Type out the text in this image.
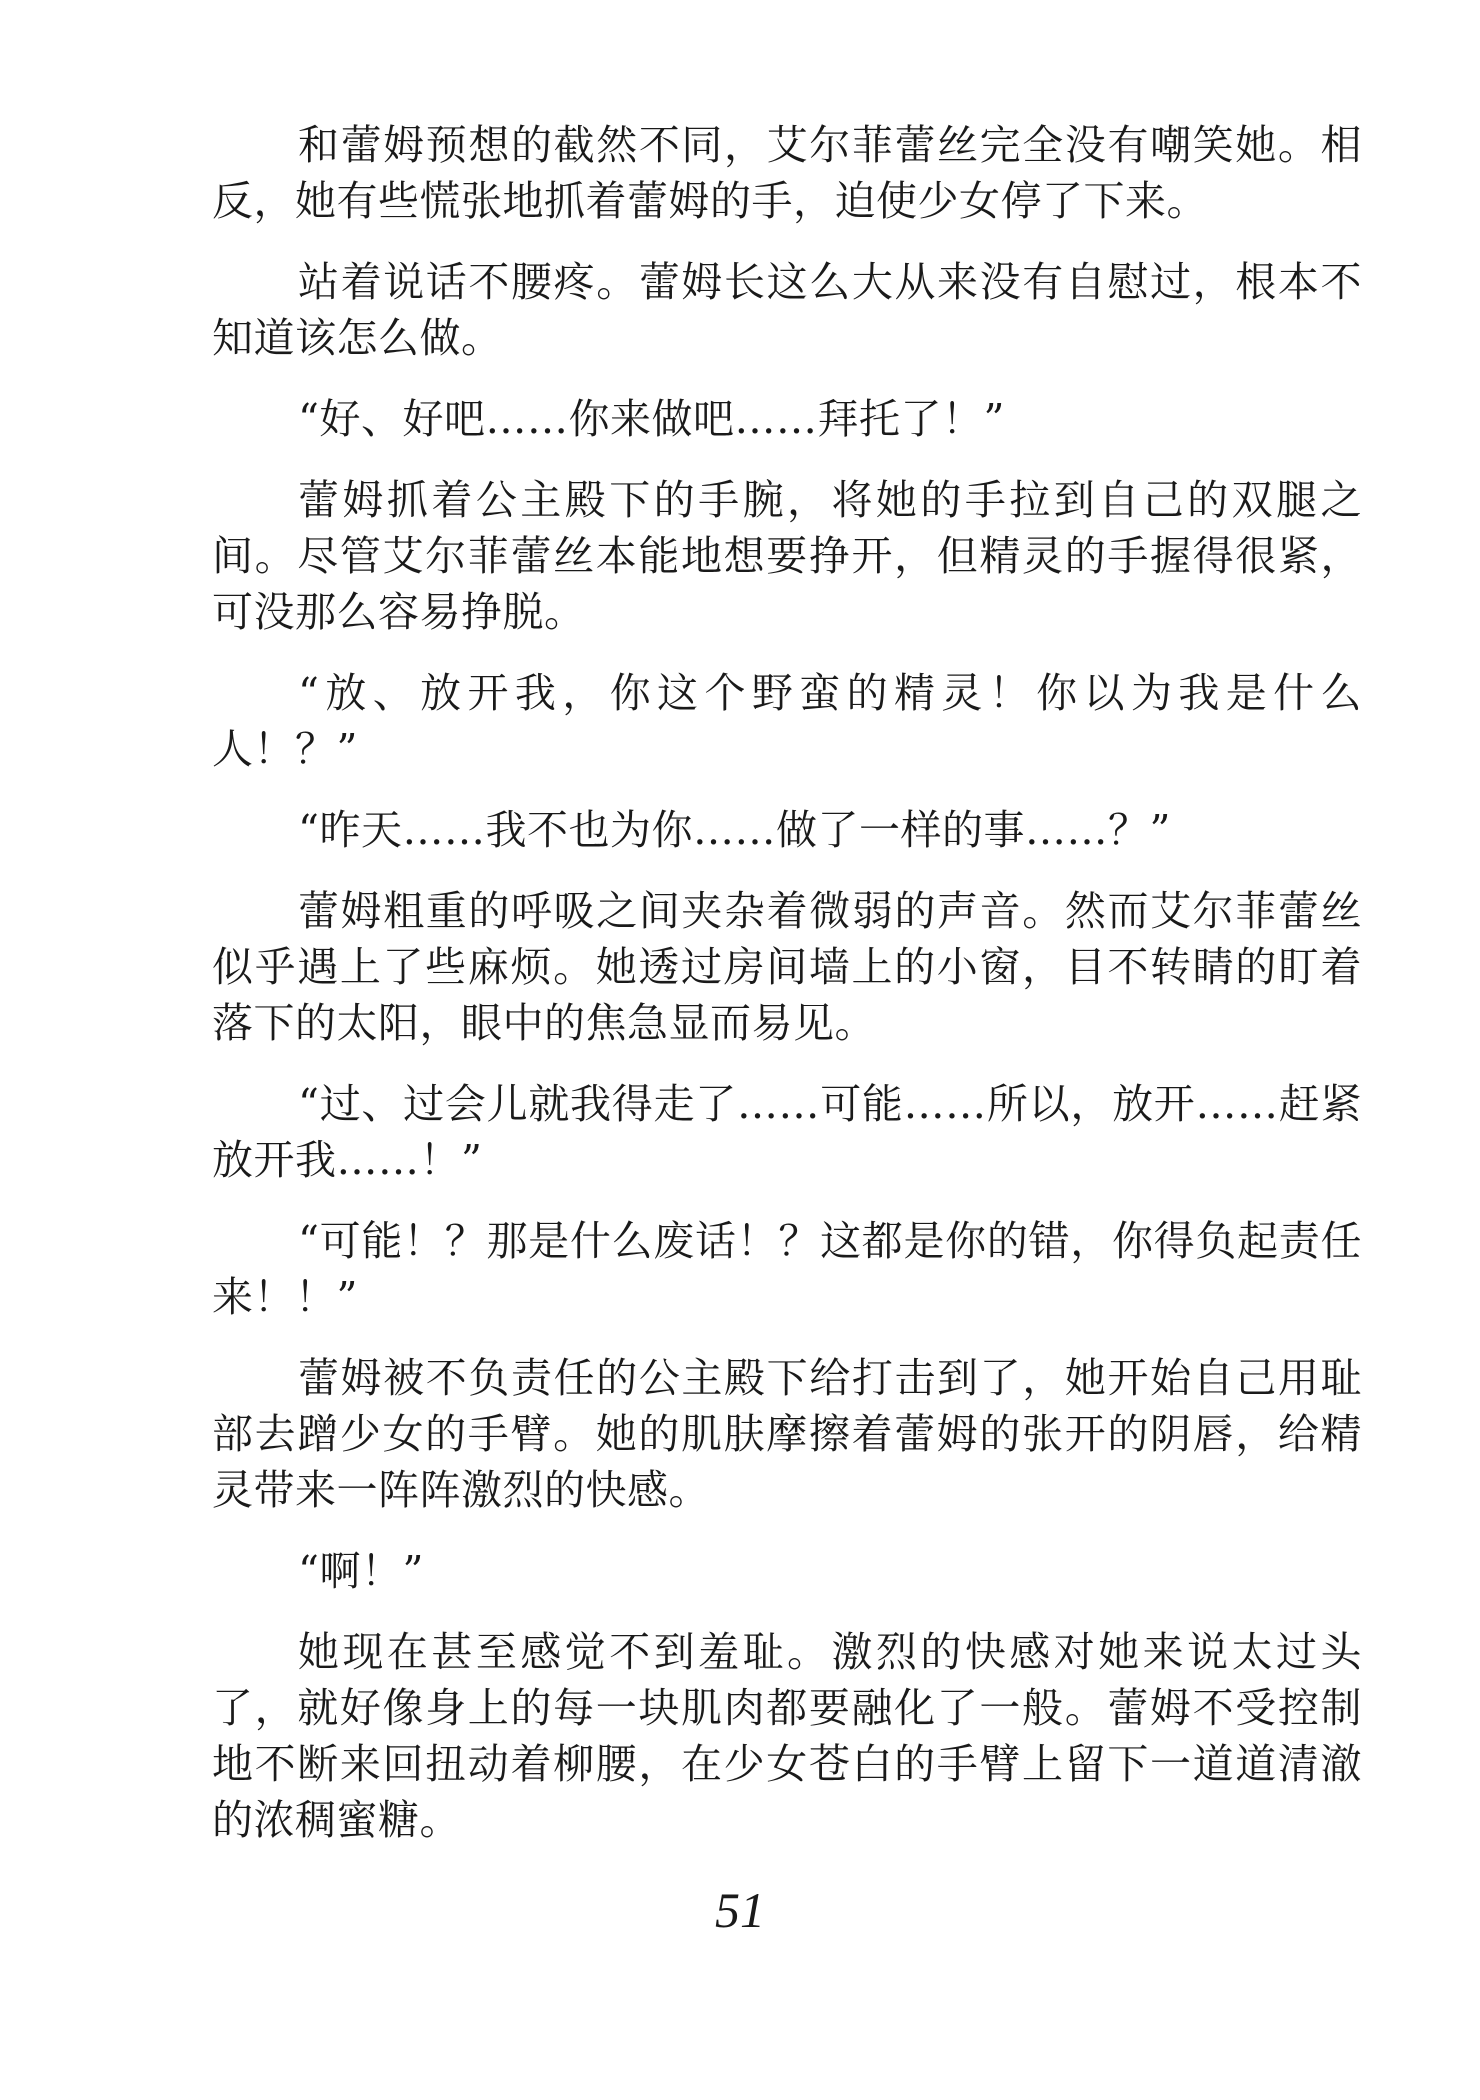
和蕾姆预想的截然不同，艾尔菲蕾丝完全没有嘲笑她。相反，她有些慌张地抓着蕾姆的手，迫使少女停了下来。

站着说话不腰疼。蕾姆长这么大从来没有自慰过，根本不知道该怎么做。

“好、好吧……你来做吧……拜托了！”

蕾姆抓着公主殿下的手腕，将她的手拉到自己的双腿之间。尽管艾尔菲蕾丝本能地想要挣开，但精灵的手握得很紧，可没那么容易挣脱。

“放、放开我，你这个野蛮的精灵！你以为我是什么人！？”

“昨天……我不也为你……做了一样的事……？”

蕾姆粗重的呼吸之间夹杂着微弱的声音。然而艾尔菲蕾丝似乎遇上了些麻烦。她透过房间墙上的小窗，目不转睛的盯着落下的太阳，眼中的焦急显而易见。

“过、过会儿就我得走了……可能……所以，放开……赶紧放开我……！”

“可能！？那是什么废话！？这都是你的错，你得负起责任来！！”

蕾姆被不负责任的公主殿下给打击到了，她开始自己用耻部去蹭少女的手臂。她的肌肤摩擦着蕾姆的张开的阴唇，给精灵带来一阵阵激烈的快感。

“啊！”

她现在甚至感觉不到羞耻。激烈的快感对她来说太过头了，就好像身上的每一块肌肉都要融化了一般。蕾姆不受控制地不断来回扭动着柳腰，在少女苍白的手臂上留下一道道清澈的浓稠蜜糖。

51
